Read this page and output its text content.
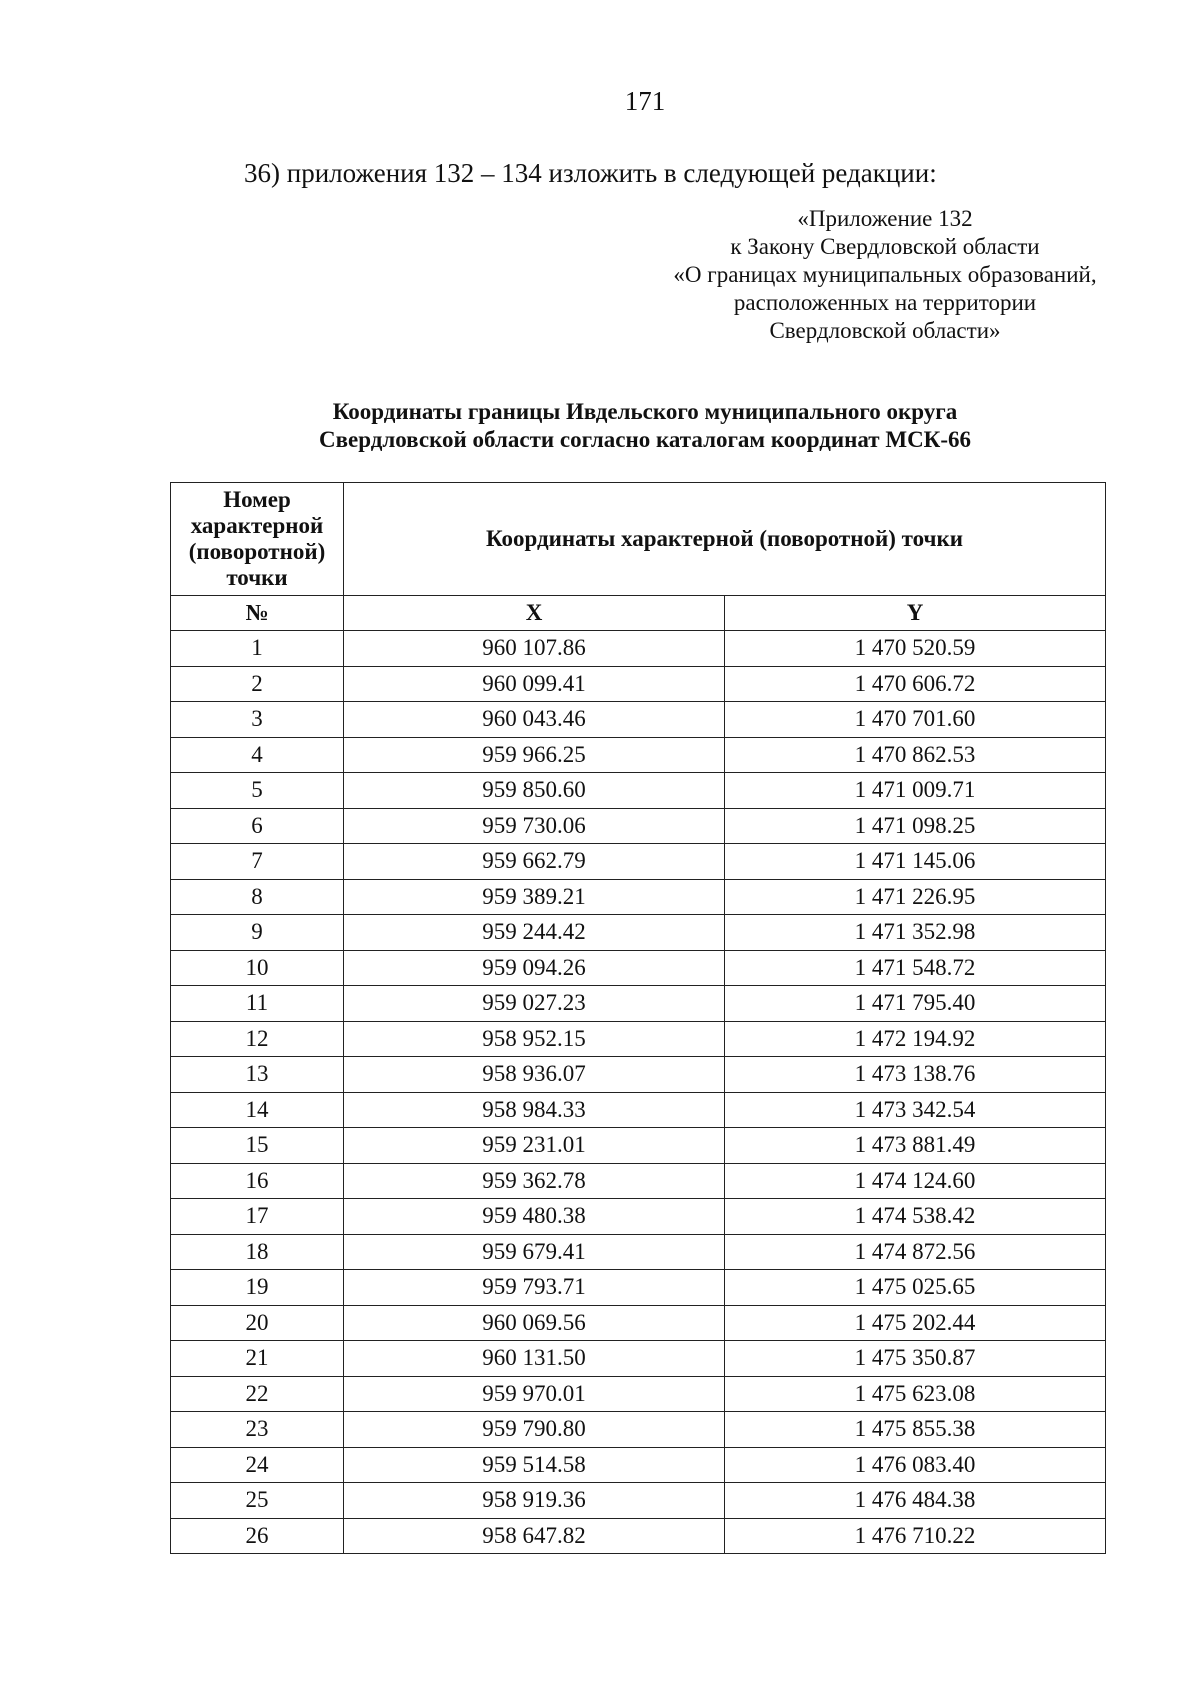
171
36) приложения 132 – 134 изложить в следующей редакции:
«Приложение 132
к Закону Свердловской области
«О границах муниципальных образований,
расположенных на территории
Свердловской области»
Координаты границы Ивдельского муниципального округа
Свердловской области согласно каталогам координат МСК-66
Номер характерной (поворотной) точки	Координаты характерной (поворотной) точки	
№	X	Y
1	960 107.86	1 470 520.59
2	960 099.41	1 470 606.72
3	960 043.46	1 470 701.60
4	959 966.25	1 470 862.53
5	959 850.60	1 471 009.71
6	959 730.06	1 471 098.25
7	959 662.79	1 471 145.06
8	959 389.21	1 471 226.95
9	959 244.42	1 471 352.98
10	959 094.26	1 471 548.72
11	959 027.23	1 471 795.40
12	958 952.15	1 472 194.92
13	958 936.07	1 473 138.76
14	958 984.33	1 473 342.54
15	959 231.01	1 473 881.49
16	959 362.78	1 474 124.60
17	959 480.38	1 474 538.42
18	959 679.41	1 474 872.56
19	959 793.71	1 475 025.65
20	960 069.56	1 475 202.44
21	960 131.50	1 475 350.87
22	959 970.01	1 475 623.08
23	959 790.80	1 475 855.38
24	959 514.58	1 476 083.40
25	958 919.36	1 476 484.38
26	958 647.82	1 476 710.22
